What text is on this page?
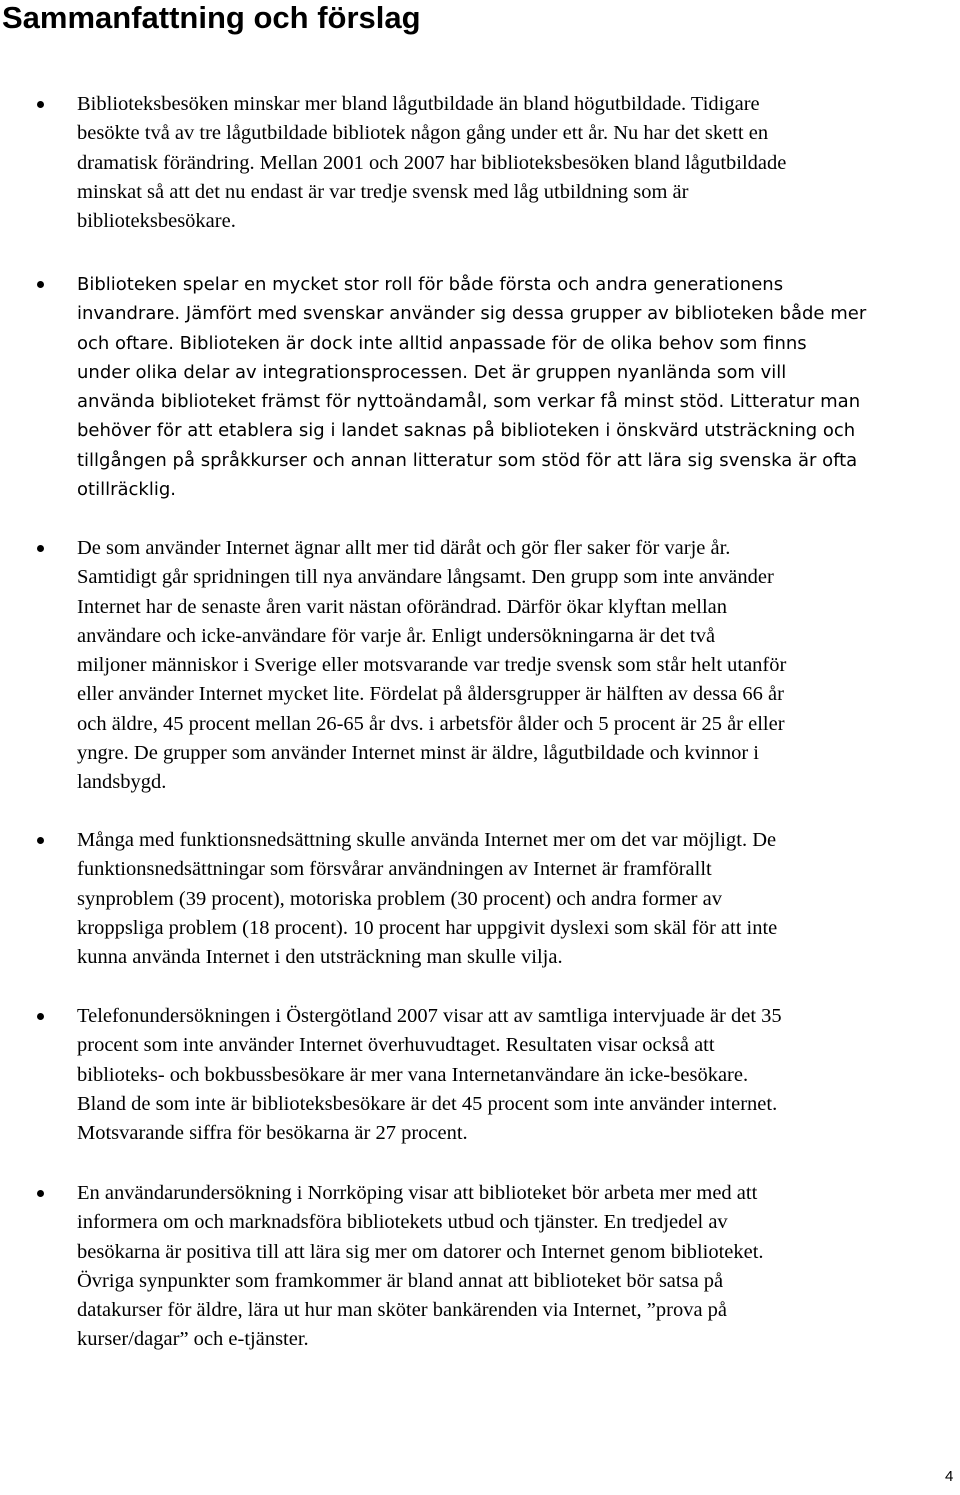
Sammanfattning och förslag

Biblioteksbesöken minskar mer bland lågutbildade än bland högutbildade. Tidigare
besökte två av tre lågutbildade bibliotek någon gång under ett år. Nu har det skett en
dramatisk förändring. Mellan 2001 och 2007 har biblioteksbesöken bland lågutbildade
minskat så att det nu endast är var tredje svensk med låg utbildning som är
biblioteksbesökare.

Biblioteken spelar en mycket stor roll för både första och andra generationens
invandrare. Jämfört med svenskar använder sig dessa grupper av biblioteken både mer
och oftare. Biblioteken är dock inte alltid anpassade för de olika behov som finns
under olika delar av integrationsprocessen. Det är gruppen nyanlända som vill
använda biblioteket främst för nyttoändamål, som verkar få minst stöd. Litteratur man
behöver för att etablera sig i landet saknas på biblioteken i önskvärd utsträckning och
tillgången på språkkurser och annan litteratur som stöd för att lära sig svenska är ofta
otillräcklig.

De som använder Internet ägnar allt mer tid däråt och gör fler saker för varje år.
Samtidigt går spridningen till nya användare långsamt. Den grupp som inte använder
Internet har de senaste åren varit nästan oförändrad. Därför ökar klyftan mellan
användare och icke-användare för varje år. Enligt undersökningarna är det två
miljoner människor i Sverige eller motsvarande var tredje svensk som står helt utanför
eller använder Internet mycket lite. Fördelat på åldersgrupper är hälften av dessa 66 år
och äldre, 45 procent mellan 26-65 år dvs. i arbetsför ålder och 5 procent är 25 år eller
yngre. De grupper som använder Internet minst är äldre, lågutbildade och kvinnor i
landsbygd.

Många med funktionsnedsättning skulle använda Internet mer om det var möjligt. De
funktionsnedsättningar som försvårar användningen av Internet är framförallt
synproblem (39 procent), motoriska problem (30 procent) och andra former av
kroppsliga problem (18 procent). 10 procent har uppgivit dyslexi som skäl för att inte
kunna använda Internet i den utsträckning man skulle vilja.

Telefonundersökningen i Östergötland 2007 visar att av samtliga intervjuade är det 35
procent som inte använder Internet överhuvudtaget. Resultaten visar också att
biblioteks- och bokbussbesökare är mer vana Internetanvändare än icke-besökare.
Bland de som inte är biblioteksbesökare är det 45 procent som inte använder internet.
Motsvarande siffra för besökarna är 27 procent.

En användarundersökning i Norrköping visar att biblioteket bör arbeta mer med att
informera om och marknadsföra bibliotekets utbud och tjänster. En tredjedel av
besökarna är positiva till att lära sig mer om datorer och Internet genom biblioteket.
Övriga synpunkter som framkommer är bland annat att biblioteket bör satsa på
datakurser för äldre, lära ut hur man sköter bankärenden via Internet, ”prova på
kurser/dagar” och e-tjänster.

4
